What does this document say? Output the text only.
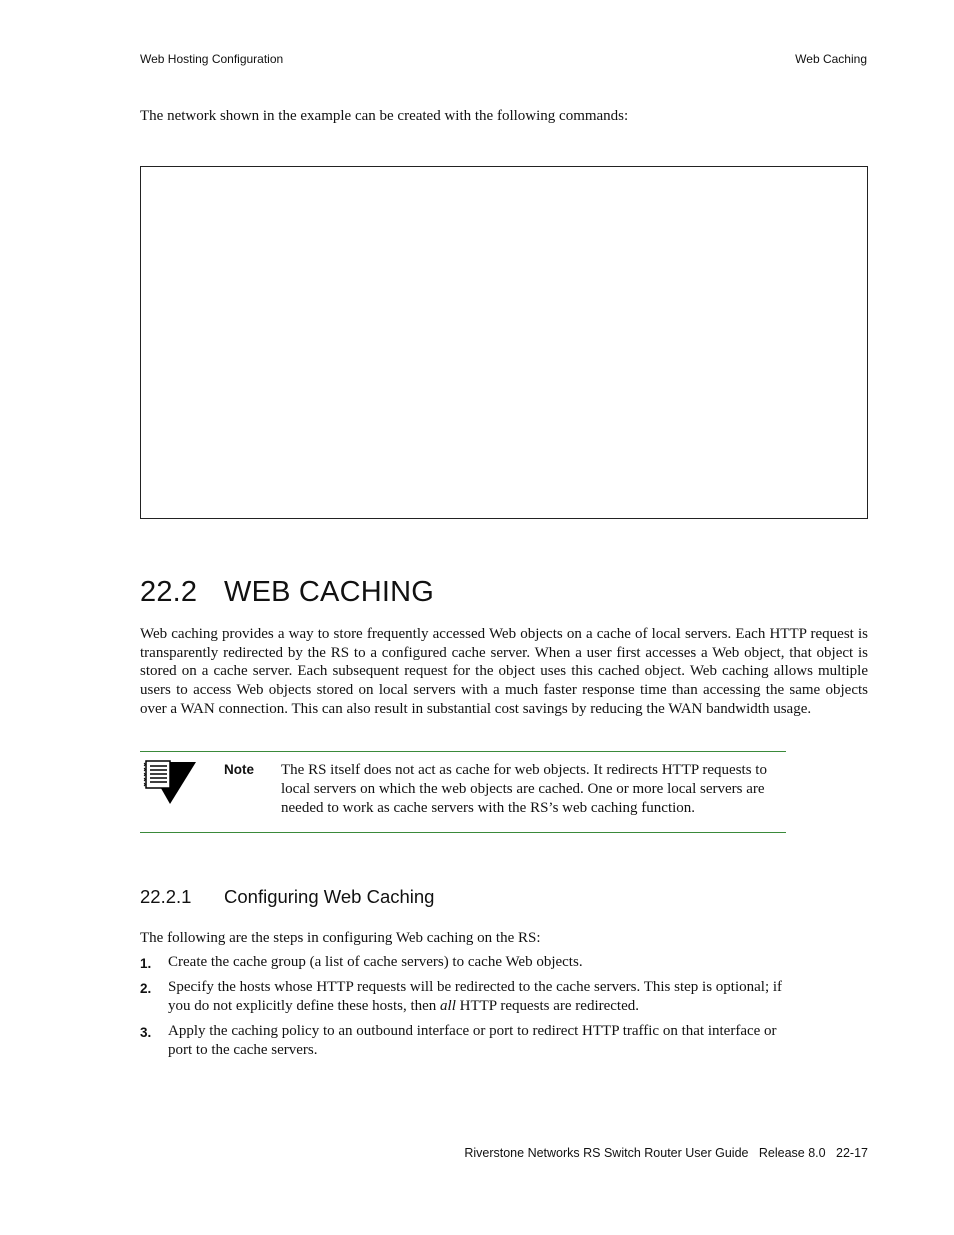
Web Hosting Configuration	Web Caching
The network shown in the example can be created with the following commands:
22.2 WEB CACHING
Web caching provides a way to store frequently accessed Web objects on a cache of local servers. Each HTTP request is transparently redirected by the RS to a configured cache server. When a user first accesses a Web object, that object is stored on a cache server. Each subsequent request for the object uses this cached object. Web caching allows multiple users to access Web objects stored on local servers with a much faster response time than accessing the same objects over a WAN connection. This can also result in substantial cost savings by reducing the WAN bandwidth usage.
Note The RS itself does not act as cache for web objects. It redirects HTTP requests to local servers on which the web objects are cached. One or more local servers are needed to work as cache servers with the RS’s web caching function.
22.2.1 Configuring Web Caching
The following are the steps in configuring Web caching on the RS:
1. Create the cache group (a list of cache servers) to cache Web objects.
2. Specify the hosts whose HTTP requests will be redirected to the cache servers. This step is optional; if you do not explicitly define these hosts, then all HTTP requests are redirected.
3. Apply the caching policy to an outbound interface or port to redirect HTTP traffic on that interface or port to the cache servers.
Riverstone Networks RS Switch Router User Guide   Release 8.0   22-17
